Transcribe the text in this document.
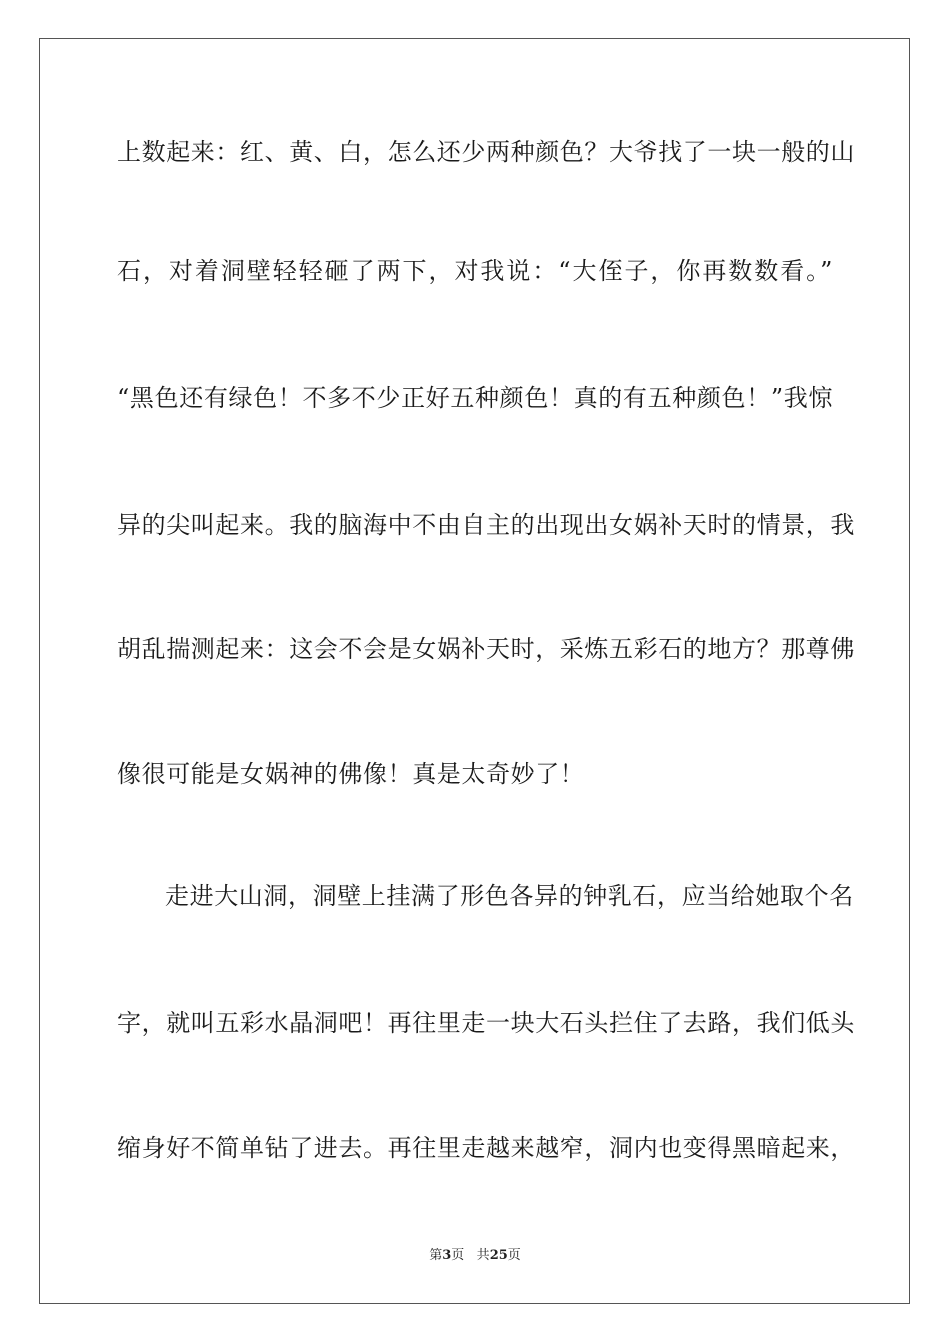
上数起来：红、黄、白，怎么还少两种颜色？大爷找了一块一般的山
石，对着洞壁轻轻砸了两下，对我说：“大侄子，你再数数看。”
“黑色还有绿色！不多不少正好五种颜色！真的有五种颜色！”我惊
异的尖叫起来。我的脑海中不由自主的出现出女娲补天时的情景，我
胡乱揣测起来：这会不会是女娲补天时，采炼五彩石的地方？那尊佛
像很可能是女娲神的佛像！真是太奇妙了！
走进大山洞，洞壁上挂满了形色各异的钟乳石，应当给她取个名
字，就叫五彩水晶洞吧！再往里走一块大石头拦住了去路，我们低头
缩身好不简单钻了进去。再往里走越来越窄，洞内也变得黑暗起来，
第3页 共25页
